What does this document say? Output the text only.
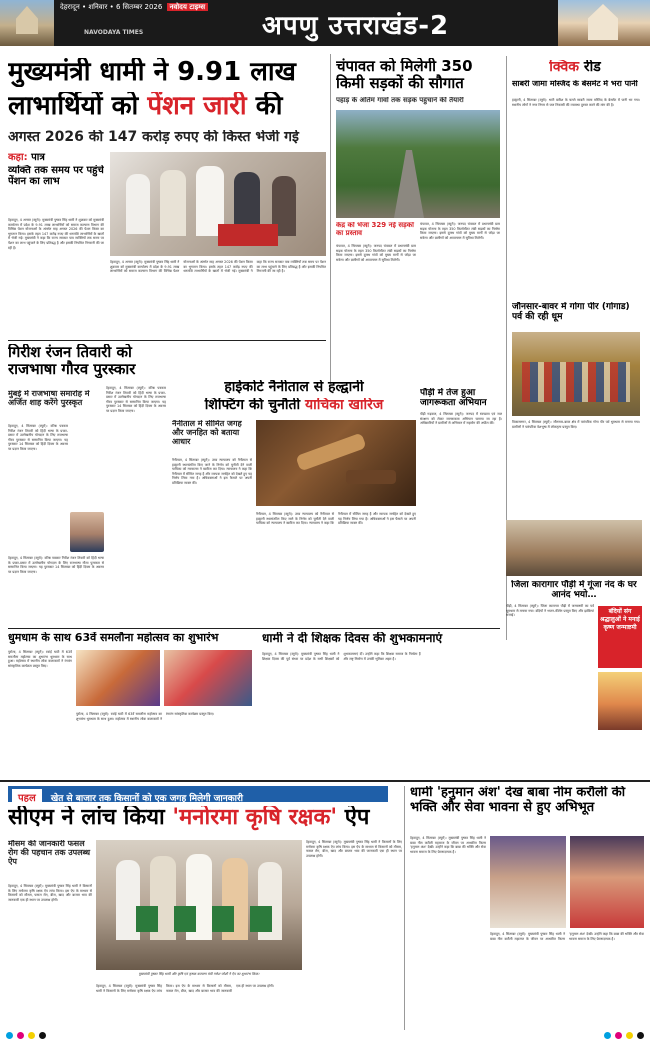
देहरादून • शनिवार • 6 सितम्बर 2026 नवोदय टाइम्स
NAVODAYA TIMES	अपणु उत्तराखंड-2
मुख्यमंत्री धामी ने 9.91 लाख
लाभार्थियों को पेंशन जारी की
अगस्त 2026 की 147 करोड़ रुपए की किस्त भेजी गई
कहा: पात्र
व्यक्ति तक समय पर पहुंचे पेंशन का लाभ
देहरादून, 4 अगस्त (ब्यूरो): मुख्यमंत्री पुष्कर सिंह धामी ने शुक्रवार को मुख्यमंत्री कार्यालय में प्रदेश के 9.91 लाख लाभार्थियों को समाज कल्याण विभाग की विभिन्न पेंशन योजनाओं के अंतर्गत माह अगस्त 2026 की पेंशन किस्त का भुगतान किया। इसके तहत 147 करोड़ रुपए की धनराशि लाभार्थियों के खातों में भेजी गई। मुख्यमंत्री ने कहा कि राज्य सरकार पात्र व्यक्तियों तक समय पर पेंशन का लाभ पहुंचाने के लिए प्रतिबद्ध है और इसकी नियमित निगरानी की जा रही है।
देहरादून, 4 अगस्त (ब्यूरो): मुख्यमंत्री पुष्कर सिंह धामी ने शुक्रवार को मुख्यमंत्री कार्यालय में प्रदेश के 9.91 लाख लाभार्थियों को समाज कल्याण विभाग की विभिन्न पेंशन योजनाओं के अंतर्गत माह अगस्त 2026 की पेंशन किस्त का भुगतान किया। इसके तहत 147 करोड़ रुपए की धनराशि लाभार्थियों के खातों में भेजी गई। मुख्यमंत्री ने कहा कि राज्य सरकार पात्र व्यक्तियों तक समय पर पेंशन का लाभ पहुंचाने के लिए प्रतिबद्ध है और इसकी नियमित निगरानी की जा रही है।
चंपावत को मिलेगी 350 किमी सड़कों की सौगात
पहाड़ के अंतिम गांवों तक सड़क पहुंचाने की तैयारी
केंद्र को भेजा 329 नई सड़कों का प्रस्ताव
चंपावत, 4 सितम्बर (ब्यूरो): जनपद चंपावत में प्रधानमंत्री ग्राम सड़क योजना के तहत 350 किलोमीटर लंबी सड़कों का निर्माण किया जाएगा। इससे दूरस्थ गांवों को मुख्य मार्गों से जोड़ा जा सकेगा और ग्रामीणों को आवागमन में सुविधा मिलेगी।
चंपावत, 4 सितम्बर (ब्यूरो): जनपद चंपावत में प्रधानमंत्री ग्राम सड़क योजना के तहत 350 किलोमीटर लंबी सड़कों का निर्माण किया जाएगा। इससे दूरस्थ गांवों को मुख्य मार्गों से जोड़ा जा सकेगा और ग्रामीणों को आवागमन में सुविधा मिलेगी।
क्विक रीड
साबरी जामा मस्जिद के बेसमेंट में भरा पानी
हल्द्वानी, 4 सितम्बर (ब्यूरो): भारी बारिश के चलते साबरी जामा मस्जिद के बेसमेंट में पानी भर गया। स्थानीय लोगों ने नगर निगम से जल निकासी की व्यवस्था दुरुस्त करने की मांग की है।
जौनसार-बावर में गोगा पीर (गोगाड) पर्व की रही धूम
विकासनगर, 4 सितम्बर (ब्यूरो): जौनसार-बावर क्षेत्र में पारंपरिक गोगा पीर पर्व धूमधाम से मनाया गया। ग्रामीणों ने पारंपरिक वेशभूषा में लोकनृत्य प्रस्तुत किए।
गिरीश रंजन तिवारी को राजभाषा गौरव पुरस्कार
मुंबई में राजभाषा समारोह में अर्जित शाह करेंगे पुरस्कृत
देहरादून, 4 सितम्बर (ब्यूरो): वरिष्ठ पत्रकार गिरीश रंजन तिवारी को हिंदी भाषा के प्रचार-प्रसार में उल्लेखनीय योगदान के लिए राजभाषा गौरव पुरस्कार से सम्मानित किया जाएगा। यह पुरस्कार 14 सितम्बर को हिंदी दिवस के अवसर पर प्रदान किया जाएगा।
देहरादून, 4 सितम्बर (ब्यूरो): वरिष्ठ पत्रकार गिरीश रंजन तिवारी को हिंदी भाषा के प्रचार-प्रसार में उल्लेखनीय योगदान के लिए राजभाषा गौरव पुरस्कार से सम्मानित किया जाएगा। यह पुरस्कार 14 सितम्बर को हिंदी दिवस के अवसर पर प्रदान किया जाएगा।
देहरादून, 4 सितम्बर (ब्यूरो): वरिष्ठ पत्रकार गिरीश रंजन तिवारी को हिंदी भाषा के प्रचार-प्रसार में उल्लेखनीय योगदान के लिए राजभाषा गौरव पुरस्कार से सम्मानित किया जाएगा। यह पुरस्कार 14 सितम्बर को हिंदी दिवस के अवसर पर प्रदान किया जाएगा।
पौड़ी में तेज हुआ जागरूकता अभियान
पौड़ी गढ़वाल, 4 सितम्बर (ब्यूरो): जनपद में स्वच्छता एवं जल संरक्षण को लेकर जागरूकता अभियान चलाया जा रहा है। अधिकारियों ने ग्रामीणों से अभियान में सहयोग की अपील की।
हाईकोर्ट नैनीताल से हल्द्वानी
शिफ्टिंग की चुनौती याचिका खारिज
नैनीताल में सीमित जगह और जनहित को बताया आधार
नैनीताल, 4 सितम्बर (ब्यूरो): उच्च न्यायालय को नैनीताल से हल्द्वानी स्थानांतरित किए जाने के निर्णय को चुनौती देने वाली याचिका को न्यायालय ने खारिज कर दिया। न्यायालय ने कहा कि नैनीताल में सीमित जगह है और व्यापक जनहित को देखते हुए यह निर्णय लिया गया है। अधिवक्ताओं ने इस फैसले पर अपनी प्रतिक्रिया व्यक्त की।
नैनीताल, 4 सितम्बर (ब्यूरो): उच्च न्यायालय को नैनीताल से हल्द्वानी स्थानांतरित किए जाने के निर्णय को चुनौती देने वाली याचिका को न्यायालय ने खारिज कर दिया। न्यायालय ने कहा कि नैनीताल में सीमित जगह है और व्यापक जनहित को देखते हुए यह निर्णय लिया गया है। अधिवक्ताओं ने इस फैसले पर अपनी प्रतिक्रिया व्यक्त की।
जिला कारागार पौड़ी में गूंजा नंद के घर आनंद भयो…
पौड़ी, 4 सितम्बर (ब्यूरो): जिला कारागार पौड़ी में जन्माष्टमी का पर्व धूमधाम से मनाया गया। बंदियों ने भजन-कीर्तन प्रस्तुत किए और झांकियां सजाईं।
बंदियों संग श्रद्धालुओं ने मनाई कृष्ण जन्माष्टमी
धुमधाम के साथ 63वें समलौना महोत्सव का शुभारंभ
पुरोला, 4 सितम्बर (ब्यूरो): रवांई घाटी में 63वें समलौना महोत्सव का शुभारंभ धूमधाम के साथ हुआ। महोत्सव में स्थानीय लोक कलाकारों ने रंगारंग सांस्कृतिक कार्यक्रम प्रस्तुत किए।
पुरोला, 4 सितम्बर (ब्यूरो): रवांई घाटी में 63वें समलौना महोत्सव का शुभारंभ धूमधाम के साथ हुआ। महोत्सव में स्थानीय लोक कलाकारों ने रंगारंग सांस्कृतिक कार्यक्रम प्रस्तुत किए।
धामी ने दी शिक्षक दिवस की शुभकामनाएं
देहरादून, 4 सितम्बर (ब्यूरो): मुख्यमंत्री पुष्कर सिंह धामी ने शिक्षक दिवस की पूर्व संध्या पर प्रदेश के सभी शिक्षकों को शुभकामनाएं दीं। उन्होंने कहा कि शिक्षक समाज के निर्माता हैं और राष्ट्र निर्माण में उनकी भूमिका अहम है।
पहल खेत से बाजार तक किसानों को एक जगह मिलेगी जानकारी
सीएम ने लांच किया 'मनोरमा कृषि रक्षक' ऐप
मौसम की जानकारी फसल रोग की पहचान तक उपलब्ध ऐप
देहरादून, 4 सितम्बर (ब्यूरो): मुख्यमंत्री पुष्कर सिंह धामी ने किसानों के लिए मनोरमा कृषि रक्षक ऐप लांच किया। इस ऐप के माध्यम से किसानों को मौसम, फसल रोग, बीज, खाद और बाजार भाव की जानकारी एक ही स्थान पर उपलब्ध होगी।
मुख्यमंत्री पुष्कर सिंह धामी और कृषि एवं कृषक कल्याण मंत्री गणेश जोशी ने ऐप का शुभारंभ किया।
देहरादून, 4 सितम्बर (ब्यूरो): मुख्यमंत्री पुष्कर सिंह धामी ने किसानों के लिए मनोरमा कृषि रक्षक ऐप लांच किया। इस ऐप के माध्यम से किसानों को मौसम, फसल रोग, बीज, खाद और बाजार भाव की जानकारी एक ही स्थान पर उपलब्ध होगी।
देहरादून, 4 सितम्बर (ब्यूरो): मुख्यमंत्री पुष्कर सिंह धामी ने किसानों के लिए मनोरमा कृषि रक्षक ऐप लांच किया। इस ऐप के माध्यम से किसानों को मौसम, फसल रोग, बीज, खाद और बाजार भाव की जानकारी एक ही स्थान पर उपलब्ध होगी।
धामी 'हनुमान अंश' देख बाबा नीम करौली की भक्ति और सेवा भावना से हुए अभिभूत
देहरादून, 4 सितम्बर (ब्यूरो): मुख्यमंत्री पुष्कर सिंह धामी ने बाबा नीम करौली महाराज के जीवन पर आधारित फिल्म 'हनुमान अंश' देखी। उन्होंने कहा कि बाबा की भक्ति और सेवा भावना समाज के लिए प्रेरणादायक है।
देहरादून, 4 सितम्बर (ब्यूरो): मुख्यमंत्री पुष्कर सिंह धामी ने बाबा नीम करौली महाराज के जीवन पर आधारित फिल्म 'हनुमान अंश' देखी। उन्होंने कहा कि बाबा की भक्ति और सेवा भावना समाज के लिए प्रेरणादायक है।
